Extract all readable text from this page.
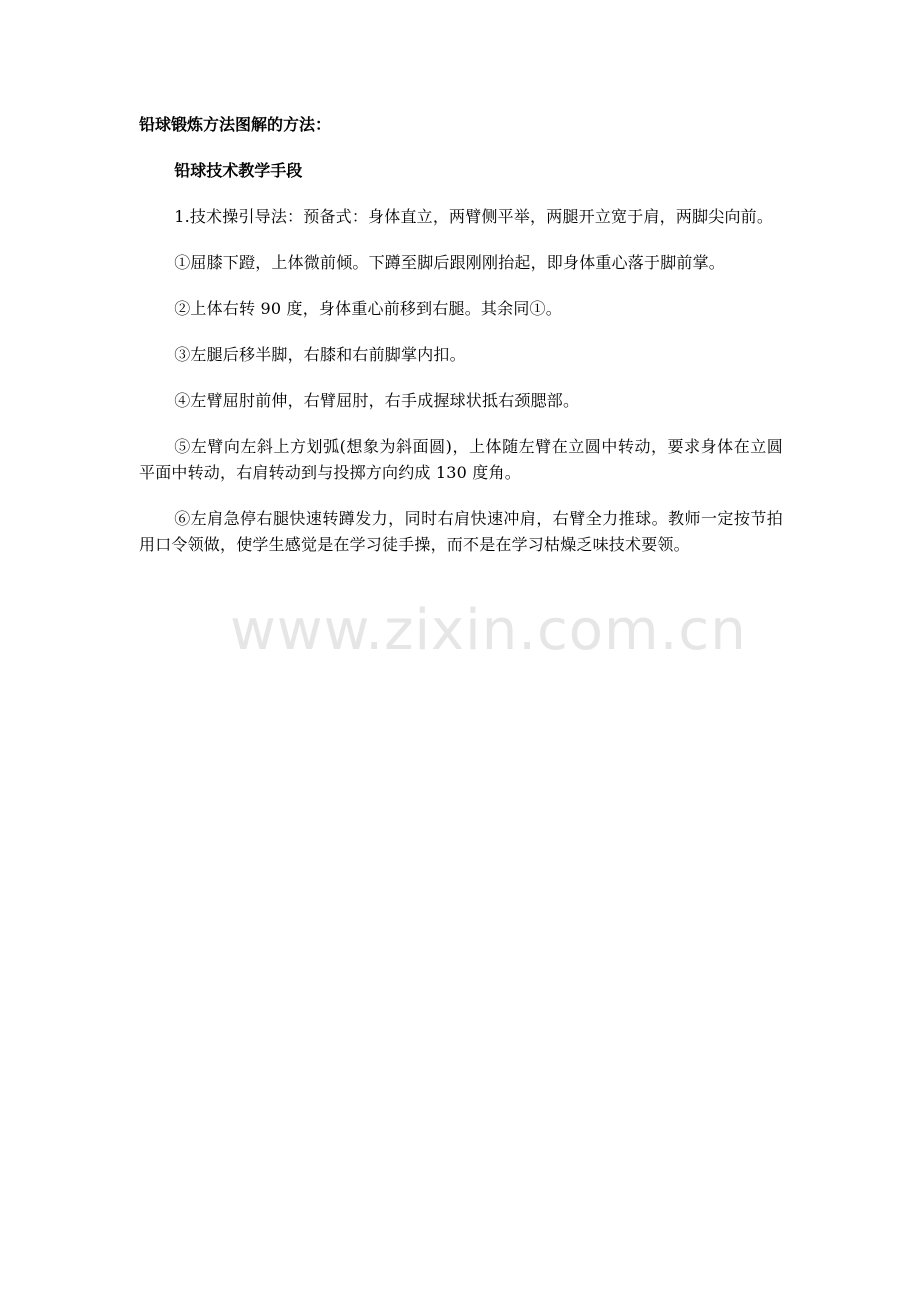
铅球锻炼方法图解的方法：

铅球技术教学手段

1.技术操引导法：预备式：身体直立，两臂侧平举，两腿开立宽于肩，两脚尖向前。

①屈膝下蹬，上体微前倾。下蹲至脚后跟刚刚抬起，即身体重心落于脚前掌。

②上体右转 90 度，身体重心前移到右腿。其余同①。

③左腿后移半脚，右膝和右前脚掌内扣。

④左臂屈肘前伸，右臂屈肘，右手成握球状抵右颈腮部。

⑤左臂向左斜上方划弧(想象为斜面圆)，上体随左臂在立圆中转动，要求身体在立圆平面中转动，右肩转动到与投掷方向约成 130 度角。

⑥左肩急停右腿快速转蹲发力，同时右肩快速冲肩，右臂全力推球。教师一定按节拍用口令领做，使学生感觉是在学习徒手操，而不是在学习枯燥乏味技术要领。

www.zixin.com.cn
